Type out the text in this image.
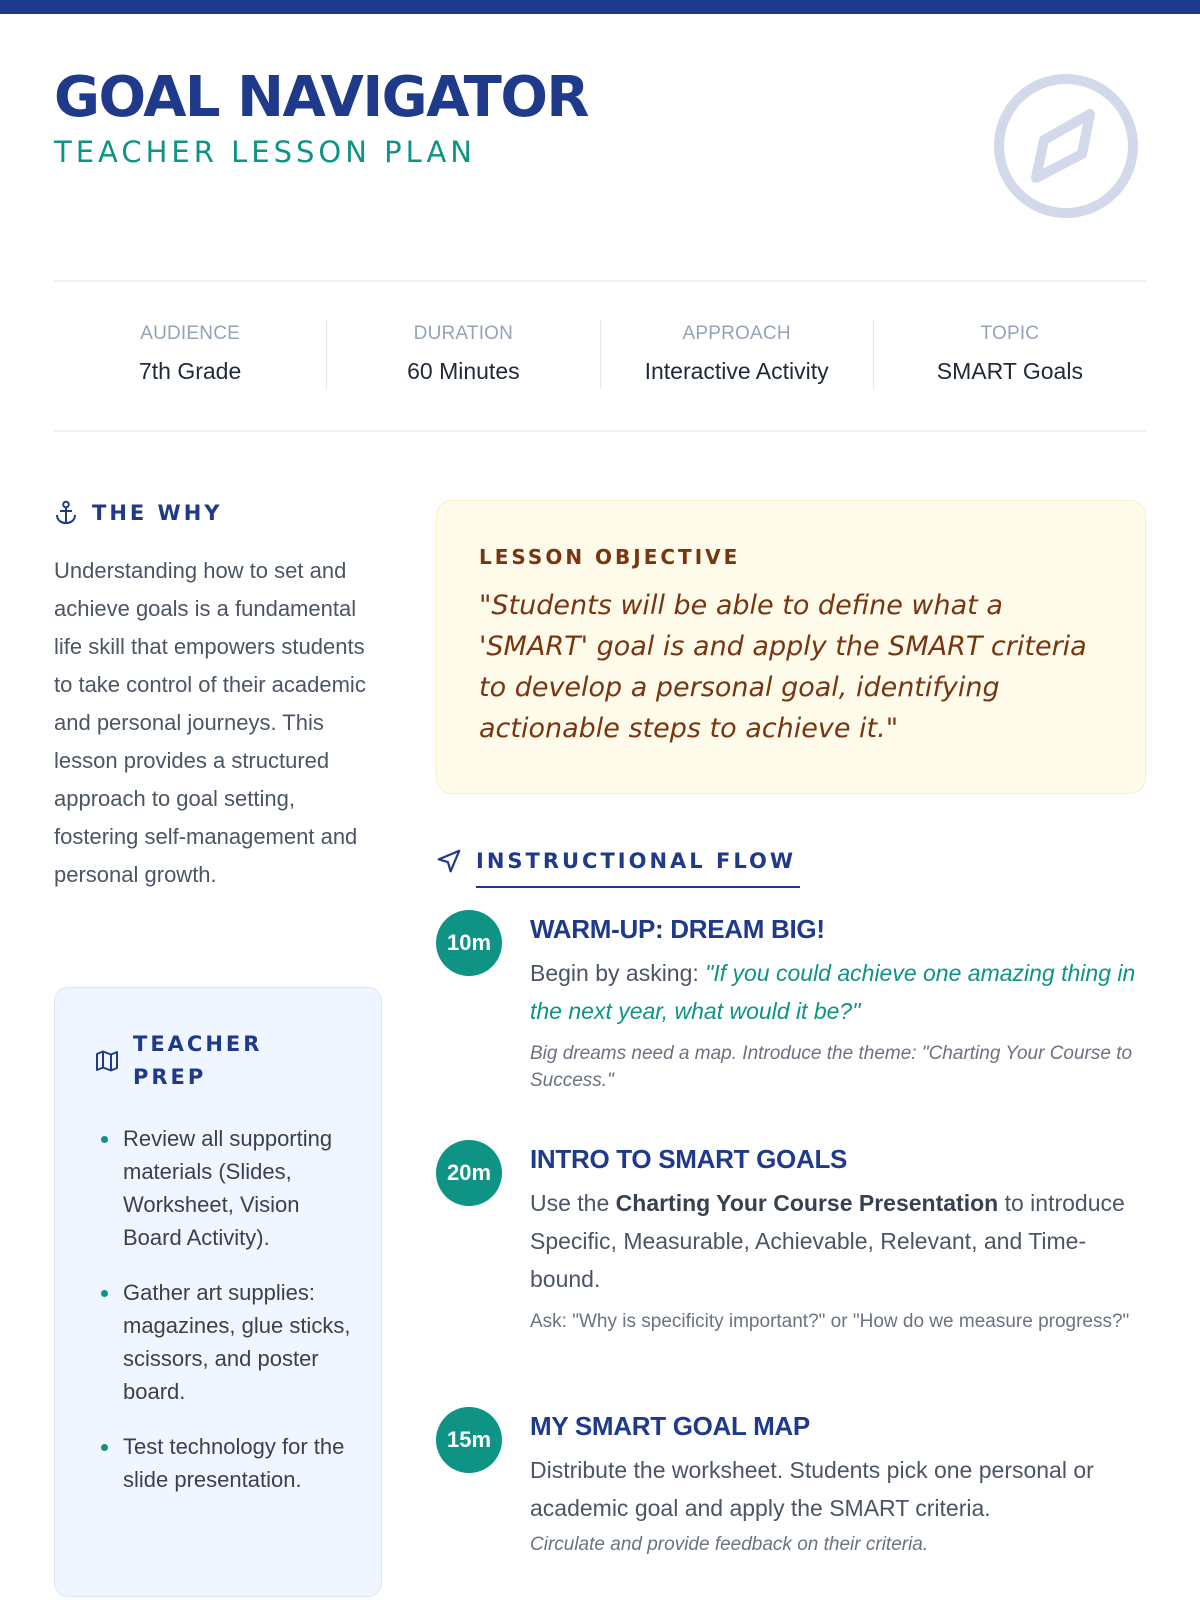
GOAL NAVIGATOR
TEACHER LESSON PLAN
AUDIENCE
7th Grade
DURATION
60 Minutes
APPROACH
Interactive Activity
TOPIC
SMART Goals
THE WHY
Understanding how to set and achieve goals is a fundamental life skill that empowers students to take control of their academic and personal journeys. This lesson provides a structured approach to goal setting, fostering self-management and personal growth.
TEACHER
PREP
Review all supporting materials (Slides, Worksheet, Vision Board Activity).
Gather art supplies: magazines, glue sticks, scissors, and poster board.
Test technology for the slide presentation.
LESSON OBJECTIVE
"Students will be able to define what a 'SMART' goal is and apply the SMART criteria to develop a personal goal, identifying actionable steps to achieve it."
INSTRUCTIONAL FLOW
10m	WARM-UP: DREAM BIG!
Begin by asking: "If you could achieve one amazing thing in the next year, what would it be?"
Big dreams need a map. Introduce the theme: "Charting Your Course to Success."
20m	INTRO TO SMART GOALS
Use the Charting Your Course Presentation to introduce Specific, Measurable, Achievable, Relevant, and Time-bound.
Ask: "Why is specificity important?" or "How do we measure progress?"
15m	MY SMART GOAL MAP
Distribute the worksheet. Students pick one personal or academic goal and apply the SMART criteria.
Circulate and provide feedback on their criteria.
